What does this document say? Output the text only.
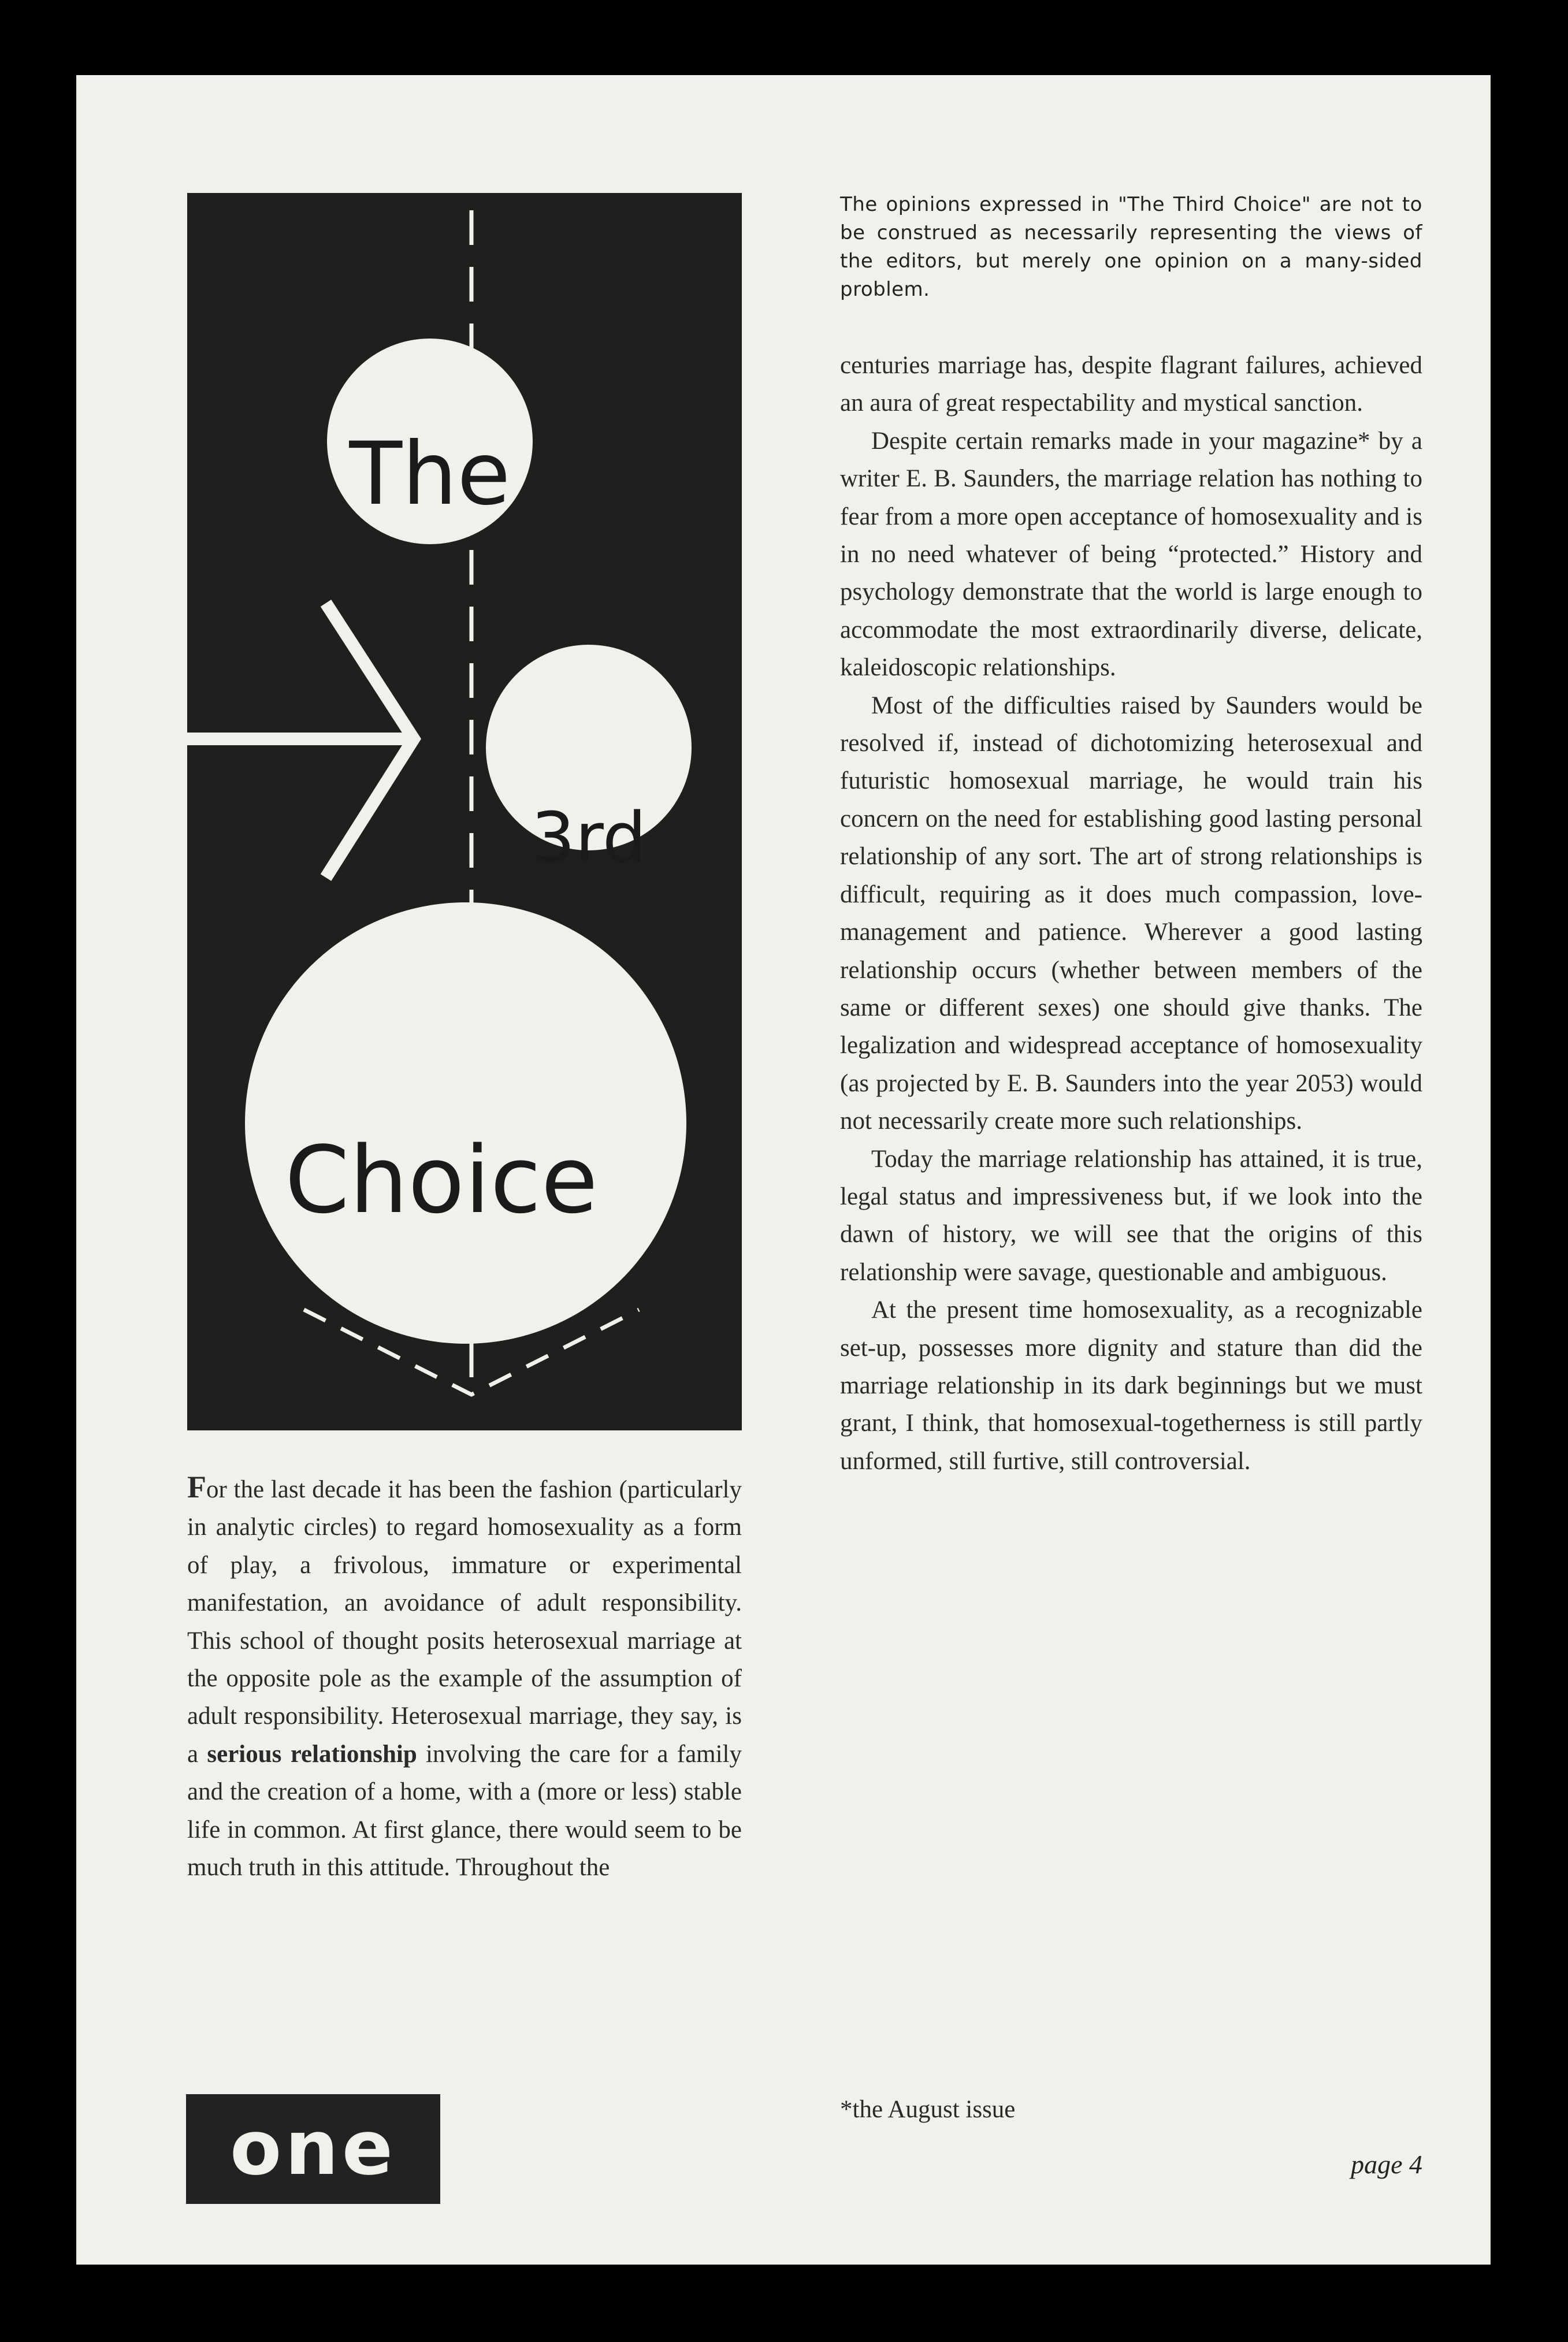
The
3rd
Choice
The opinions expressed in "The Third Choice" are not to be construed as necessarily representing the views of the editors, but merely one opinion on a many-sided problem.

For the last decade it has been the fashion (particularly in analytic circles) to regard homosexuality as a form of play, a frivolous, immature or experimental manifestation, an avoidance of adult responsibility. This school of thought posits heterosexual marriage at the opposite pole as the example of the assumption of adult responsibility. Heterosexual marriage, they say, is a serious relationship involving the care for a family and the creation of a home, with a (more or less) stable life in common. At first glance, there would seem to be much truth in this attitude. Throughout the

centuries marriage has, despite flagrant failures, achieved an aura of great respectability and mystical sanction.

Despite certain remarks made in your magazine* by a writer E. B. Saunders, the marriage relation has nothing to fear from a more open acceptance of homosexuality and is in no need whatever of being “protected.” History and psychology demonstrate that the world is large enough to accommodate the most extraordinarily diverse, delicate, kaleidoscopic relationships.

Most of the difficulties raised by Saunders would be resolved if, instead of dichotomizing heterosexual and futuristic homosexual marriage, he would train his concern on the need for establishing good lasting personal relationship of any sort. The art of strong relationships is difficult, requiring as it does much compassion, love-management and patience. Wherever a good lasting relationship occurs (whether between members of the same or different sexes) one should give thanks. The legalization and widespread acceptance of homosexuality (as projected by E. B. Saunders into the year 2053) would not necessarily create more such relationships.

Today the marriage relationship has attained, it is true, legal status and impressiveness but, if we look into the dawn of history, we will see that the origins of this relationship were savage, questionable and ambiguous.

At the present time homosexuality, as a recognizable set-up, possesses more dignity and stature than did the marriage relationship in its dark beginnings but we must grant, I think, that homosexual-togetherness is still partly unformed, still furtive, still controversial.

*the August issue
one	page 4
